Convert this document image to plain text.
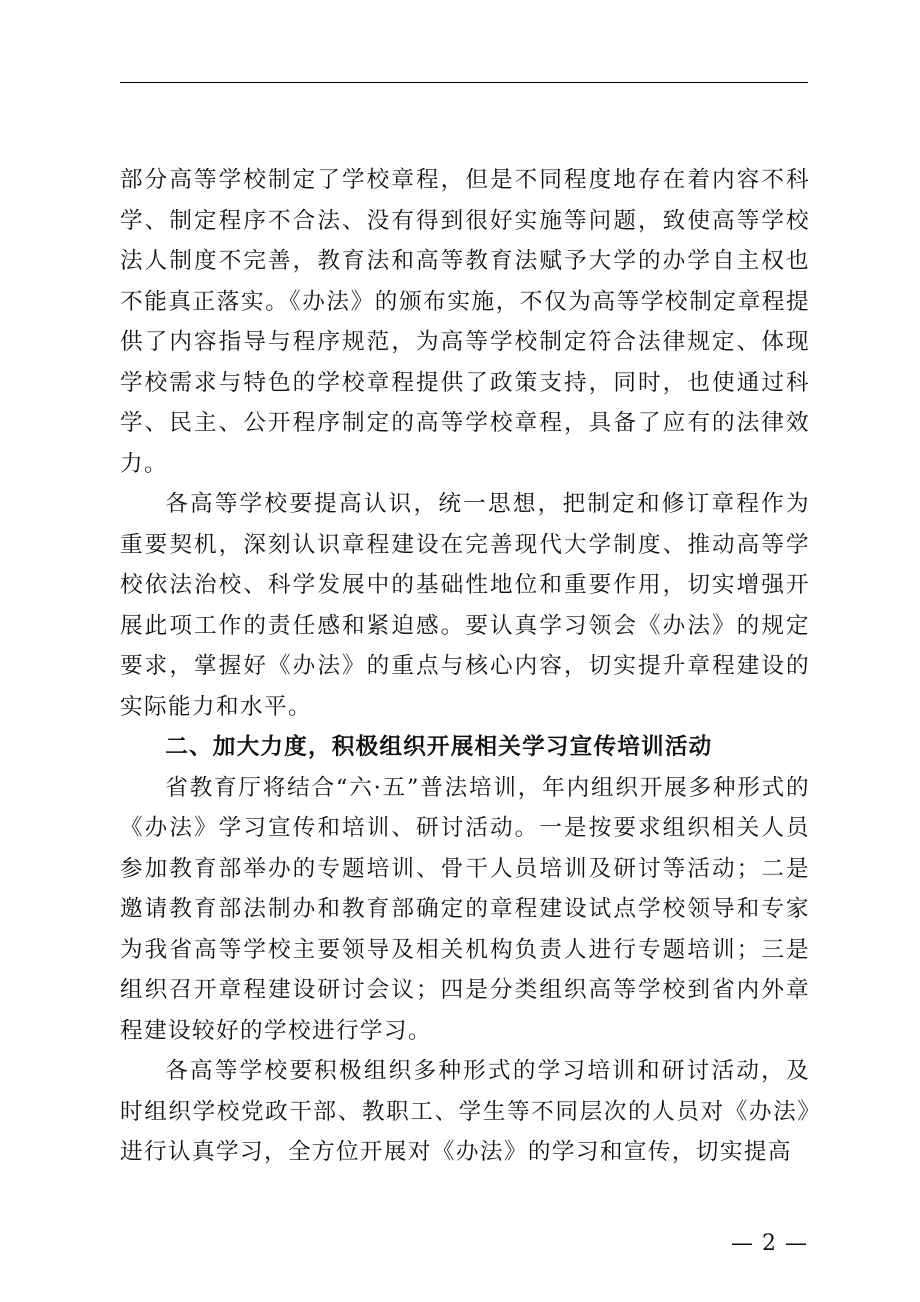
部分高等学校制定了学校章程，但是不同程度地存在着内容不科学、制定程序不合法、没有得到很好实施等问题，致使高等学校法人制度不完善，教育法和高等教育法赋予大学的办学自主权也不能真正落实。《办法》的颁布实施，不仅为高等学校制定章程提供了内容指导与程序规范，为高等学校制定符合法律规定、体现学校需求与特色的学校章程提供了政策支持，同时，也使通过科学、民主、公开程序制定的高等学校章程，具备了应有的法律效力。

各高等学校要提高认识，统一思想，把制定和修订章程作为重要契机，深刻认识章程建设在完善现代大学制度、推动高等学校依法治校、科学发展中的基础性地位和重要作用，切实增强开展此项工作的责任感和紧迫感。要认真学习领会《办法》的规定要求，掌握好《办法》的重点与核心内容，切实提升章程建设的实际能力和水平。

二、加大力度，积极组织开展相关学习宣传培训活动

省教育厅将结合“六·五”普法培训，年内组织开展多种形式的《办法》学习宣传和培训、研讨活动。一是按要求组织相关人员参加教育部举办的专题培训、骨干人员培训及研讨等活动；二是邀请教育部法制办和教育部确定的章程建设试点学校领导和专家为我省高等学校主要领导及相关机构负责人进行专题培训；三是组织召开章程建设研讨会议；四是分类组织高等学校到省内外章程建设较好的学校进行学习。

各高等学校要积极组织多种形式的学习培训和研讨活动，及时组织学校党政干部、教职工、学生等不同层次的人员对《办法》进行认真学习，全方位开展对《办法》的学习和宣传，切实提高

— 2 —
